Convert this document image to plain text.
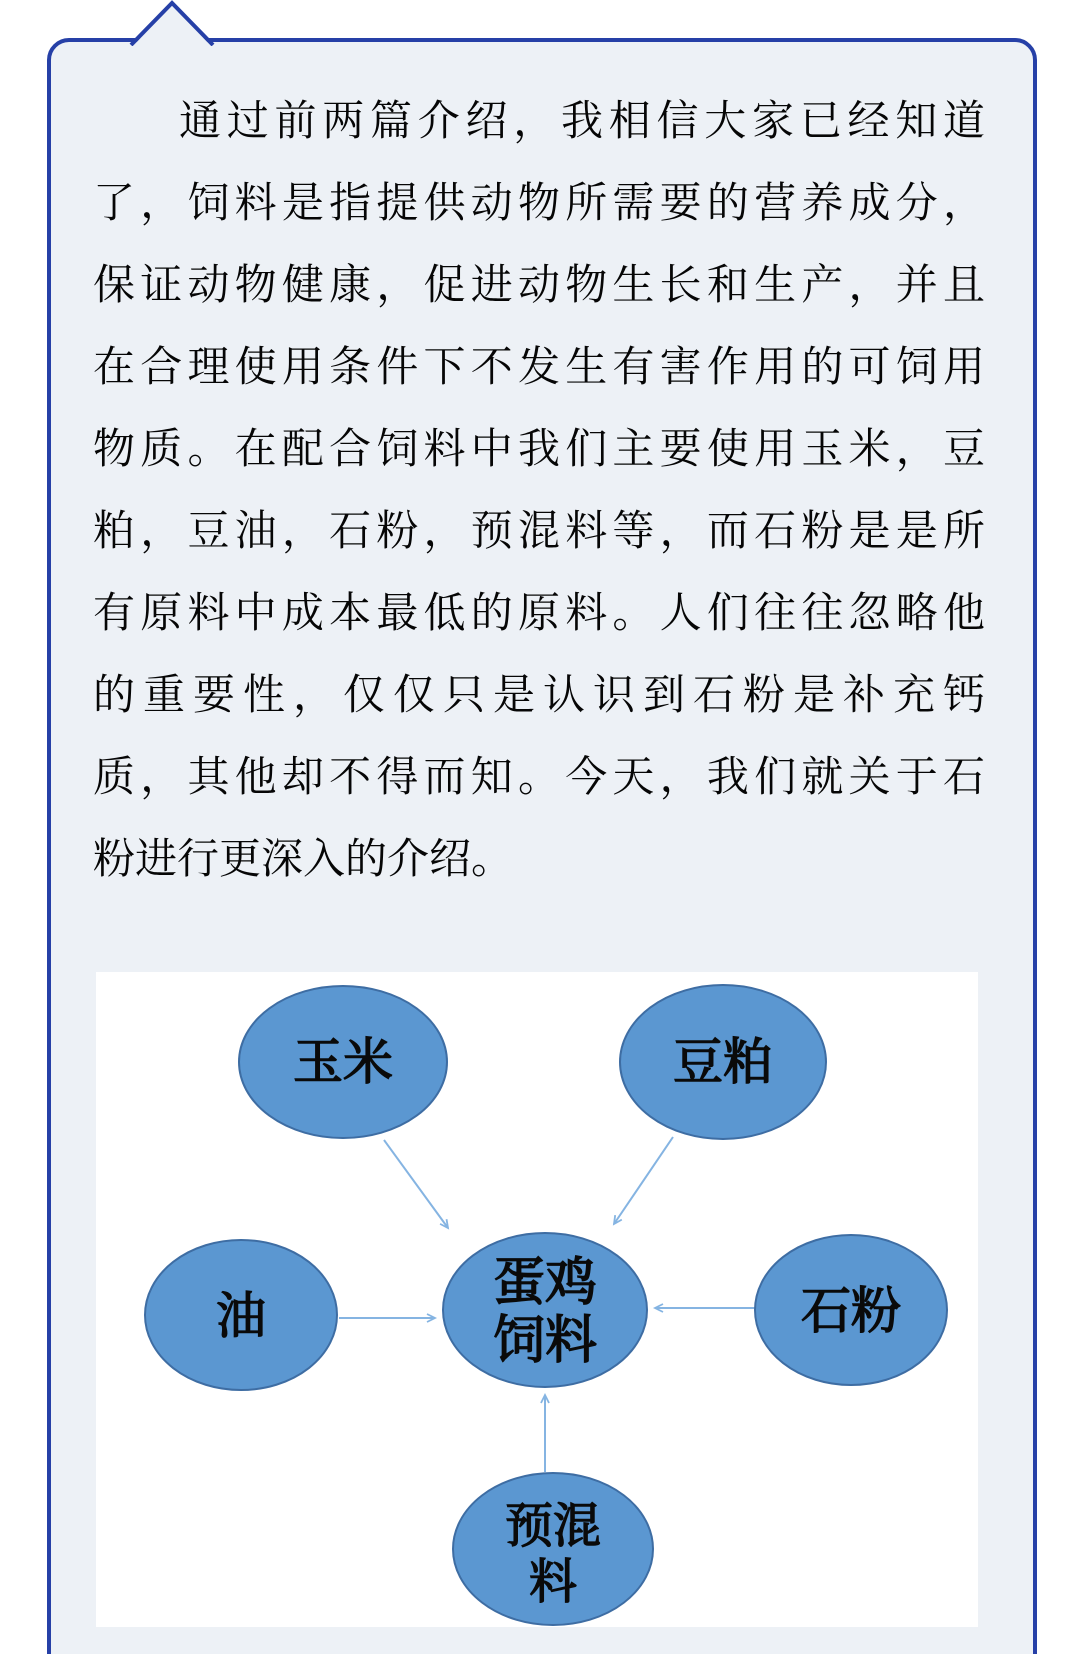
通过前两篇介绍，我相信大家已经知道
了，饲料是指提供动物所需要的营养成分，
保证动物健康，促进动物生长和生产，并且
在合理使用条件下不发生有害作用的可饲用
物质。在配合饲料中我们主要使用玉米，豆
粕，豆油，石粉，预混料等，而石粉是是所
有原料中成本最低的原料。人们往往忽略他
的重要性，仅仅只是认识到石粉是补充钙
质，其他却不得而知。今天，我们就关于石
粉进行更深入的介绍。
玉米	豆粕
油	石粉
预混
料
蛋鸡
饲料
